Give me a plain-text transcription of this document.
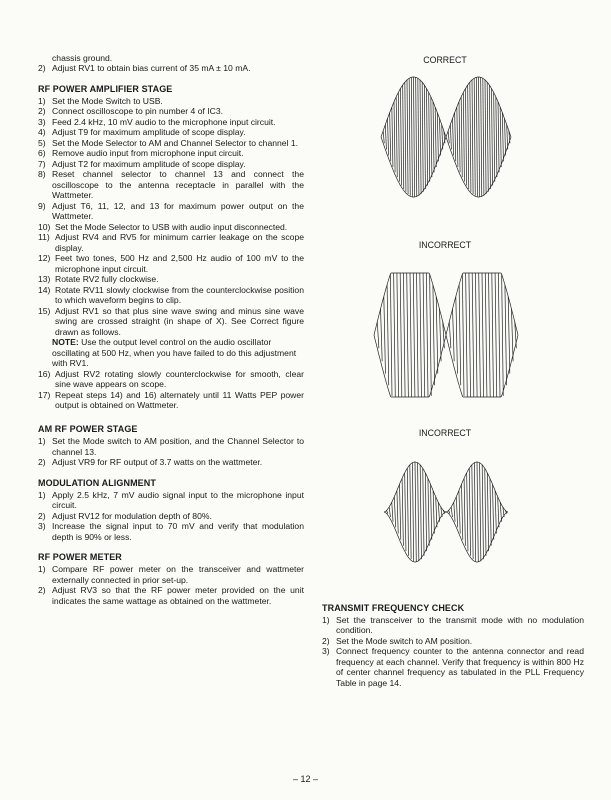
chassis ground.
2) Adjust RV1 to obtain bias current of 35 mA ± 10 mA.
RF POWER AMPLIFIER STAGE
1) Set the Mode Switch to USB.
2) Connect oscilloscope to pin number 4 of IC3.
3) Feed 2.4 kHz, 10 mV audio to the microphone input circuit.
4) Adjust T9 for maximum amplitude of scope display.
5) Set the Mode Selector to AM and Channel Selector to channel 1.
6) Remove audio input from microphone input circuit.
7) Adjust T2 for maximum amplitude of scope display.
8) Reset channel selector to channel 13 and connect the oscilloscope to the antenna receptacle in parallel with the Wattmeter.
9) Adjust T6, 11, 12, and 13 for maximum power output on the Wattmeter.
10) Set the Mode Selector to USB with audio input disconnected.
11) Adjust RV4 and RV5 for minimum carrier leakage on the scope display.
12) Feet two tones, 500 Hz and 2,500 Hz audio of 100 mV to the microphone input circuit.
13) Rotate RV2 fully clockwise.
14) Rotate RV11 slowly clockwise from the counterclockwise position to which waveform begins to clip.
15) Adjust RV1 so that plus sine wave swing and minus sine wave swing are crossed straight (in shape of X). See Correct figure drawn as follows.
NOTE: Use the output level control on the audio oscillator oscillating at 500 Hz, when you have failed to do this adjustment with RV1.
16) Adjust RV2 rotating slowly counterclockwise for smooth, clear sine wave appears on scope.
17) Repeat steps 14) and 16) alternately until 11 Watts PEP power output is obtained on Wattmeter.
AM RF POWER STAGE
1) Set the Mode switch to AM position, and the Channel Selector to channel 13.
2) Adjust VR9 for RF output of 3.7 watts on the wattmeter.
MODULATION ALIGNMENT
1) Apply 2.5 kHz, 7 mV audio signal input to the microphone input circuit.
2) Adjust RV12 for modulation depth of 80%.
3) Increase the signal input to 70 mV and verify that modulation depth is 90% or less.
RF POWER METER
1) Compare RF power meter on the transceiver and wattmeter externally connected in prior set-up.
2) Adjust RV3 so that the RF power meter provided on the unit indicates the same wattage as obtained on the wattmeter.
CORRECT
INCORRECT
INCORRECT
TRANSMIT FREQUENCY CHECK
1) Set the transceiver to the transmit mode with no modulation condition.
2) Set the Mode switch to AM position.
3) Connect frequency counter to the antenna connector and read frequency at each channel. Verify that frequency is within 800 Hz of center channel frequency as tabulated in the PLL Frequency Table in page 14.
– 12 –
